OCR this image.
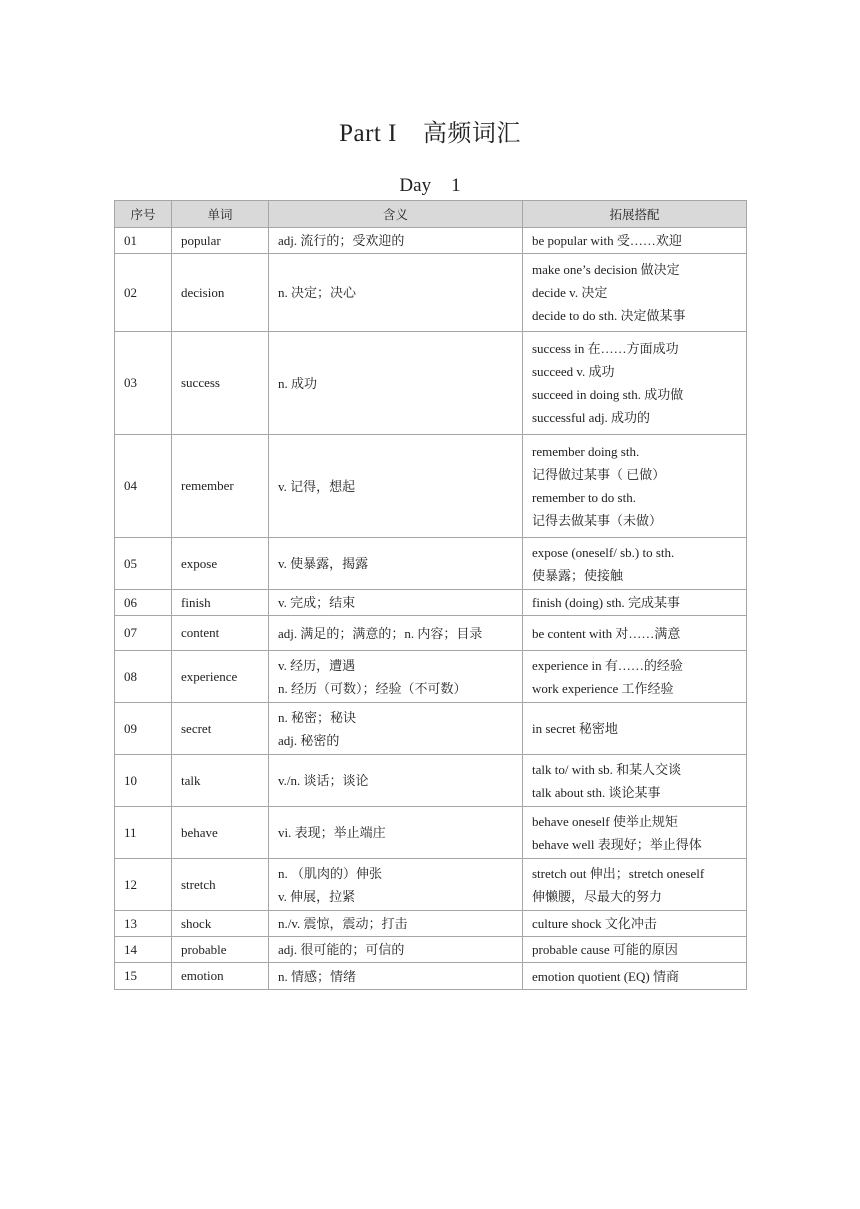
Part I 高频词汇
Day 1
序号	单词	含义	拓展搭配
01	popular	adj. 流行的；受欢迎的	be popular with 受……欢迎

02	decision	n. 决定；决心	make one’s decision 做决定
decide v. 决定
decide to do sth. 决定做某事

03	success	n. 成功	success in 在……方面成功
succeed v. 成功
succeed in doing sth. 成功做
successful adj. 成功的

04	remember	v. 记得，想起	remember doing sth.
记得做过某事（ 已做）
remember to do sth.
记得去做某事（未做）

05	expose	v. 使暴露，揭露	expose (oneself/ sb.) to sth.
使暴露；使接触

06	finish	v. 完成；结束	finish (doing) sth. 完成某事

07	content	adj. 满足的；满意的；n. 内容；目录	be content with 对……满意

08	experience	v. 经历，遭遇
n. 经历（可数）；经验（不可数）	experience in 有……的经验
work experience 工作经验

09	secret	n. 秘密；秘诀
adj. 秘密的	in secret 秘密地

10	talk	v./n. 谈话；谈论	talk to/ with sb. 和某人交谈
talk about sth. 谈论某事

11	behave	vi. 表现；举止端庄	behave oneself 使举止规矩
behave well 表现好；举止得体

12	stretch	n. （肌肉的）伸张
v. 伸展，拉紧	stretch out 伸出；stretch oneself
伸懒腰，尽最大的努力

13	shock	n./v. 震惊，震动；打击	culture shock 文化冲击

14	probable	adj. 很可能的；可信的	probable cause 可能的原因

15	emotion	n. 情感；情绪	emotion quotient (EQ) 情商
